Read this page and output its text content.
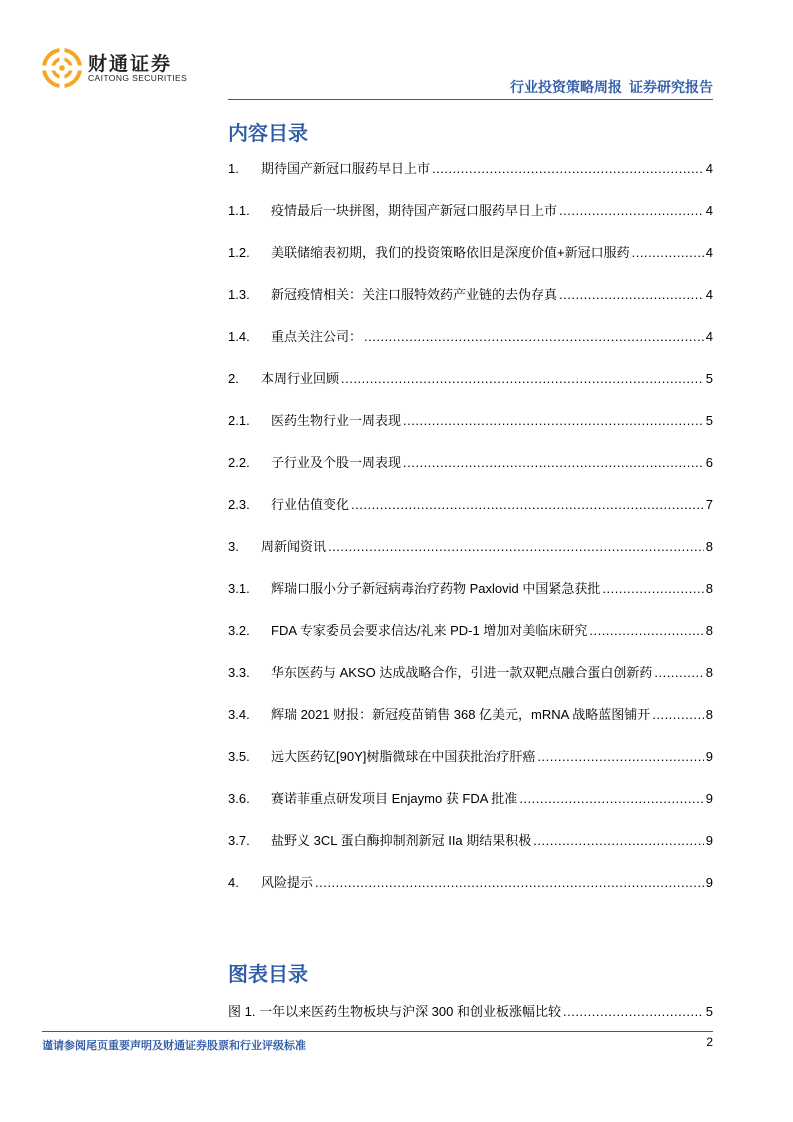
财通证券
CAITONG SECURITIES
行业投资策略周报 证券研究报告
内容目录
1.	期待国产新冠口服药早日上市 .....	4
1.1.	疫情最后一块拼图，期待国产新冠口服药早日上市 .....	4
1.2.	美联储缩表初期，我们的投资策略依旧是深度价值+新冠口服药 .....	4
1.3.	新冠疫情相关：关注口服特效药产业链的去伪存真 .....	4
1.4.	重点关注公司： .....	4
2.	本周行业回顾 .....	5
2.1.	医药生物行业一周表现 .....	5
2.2.	子行业及个股一周表现 .....	6
2.3.	行业估值变化 .....	7
3.	周新闻资讯 .....	8
3.1.	辉瑞口服小分子新冠病毒治疗药物 Paxlovid 中国紧急获批 .....	8
3.2.	FDA 专家委员会要求信达/礼来 PD-1 增加对美临床研究 .....	8
3.3.	华东医药与 AKSO 达成战略合作，引进一款双靶点融合蛋白创新药 .....	8
3.4.	辉瑞 2021 财报：新冠疫苗销售 368 亿美元，mRNA 战略蓝图铺开 .....	8
3.5.	远大医药钇[90Y]树脂微球在中国获批治疗肝癌 .....	9
3.6.	赛诺菲重点研发项目 Enjaymo 获 FDA 批准 .....	9
3.7.	盐野义 3CL 蛋白酶抑制剂新冠 IIa 期结果积极 .....	9
4.	风险提示 .....	9
图表目录
图 1. 一年以来医药生物板块与沪深 300 和创业板涨幅比较 .....	5
谨请参阅尾页重要声明及财通证券股票和行业评级标准	2
